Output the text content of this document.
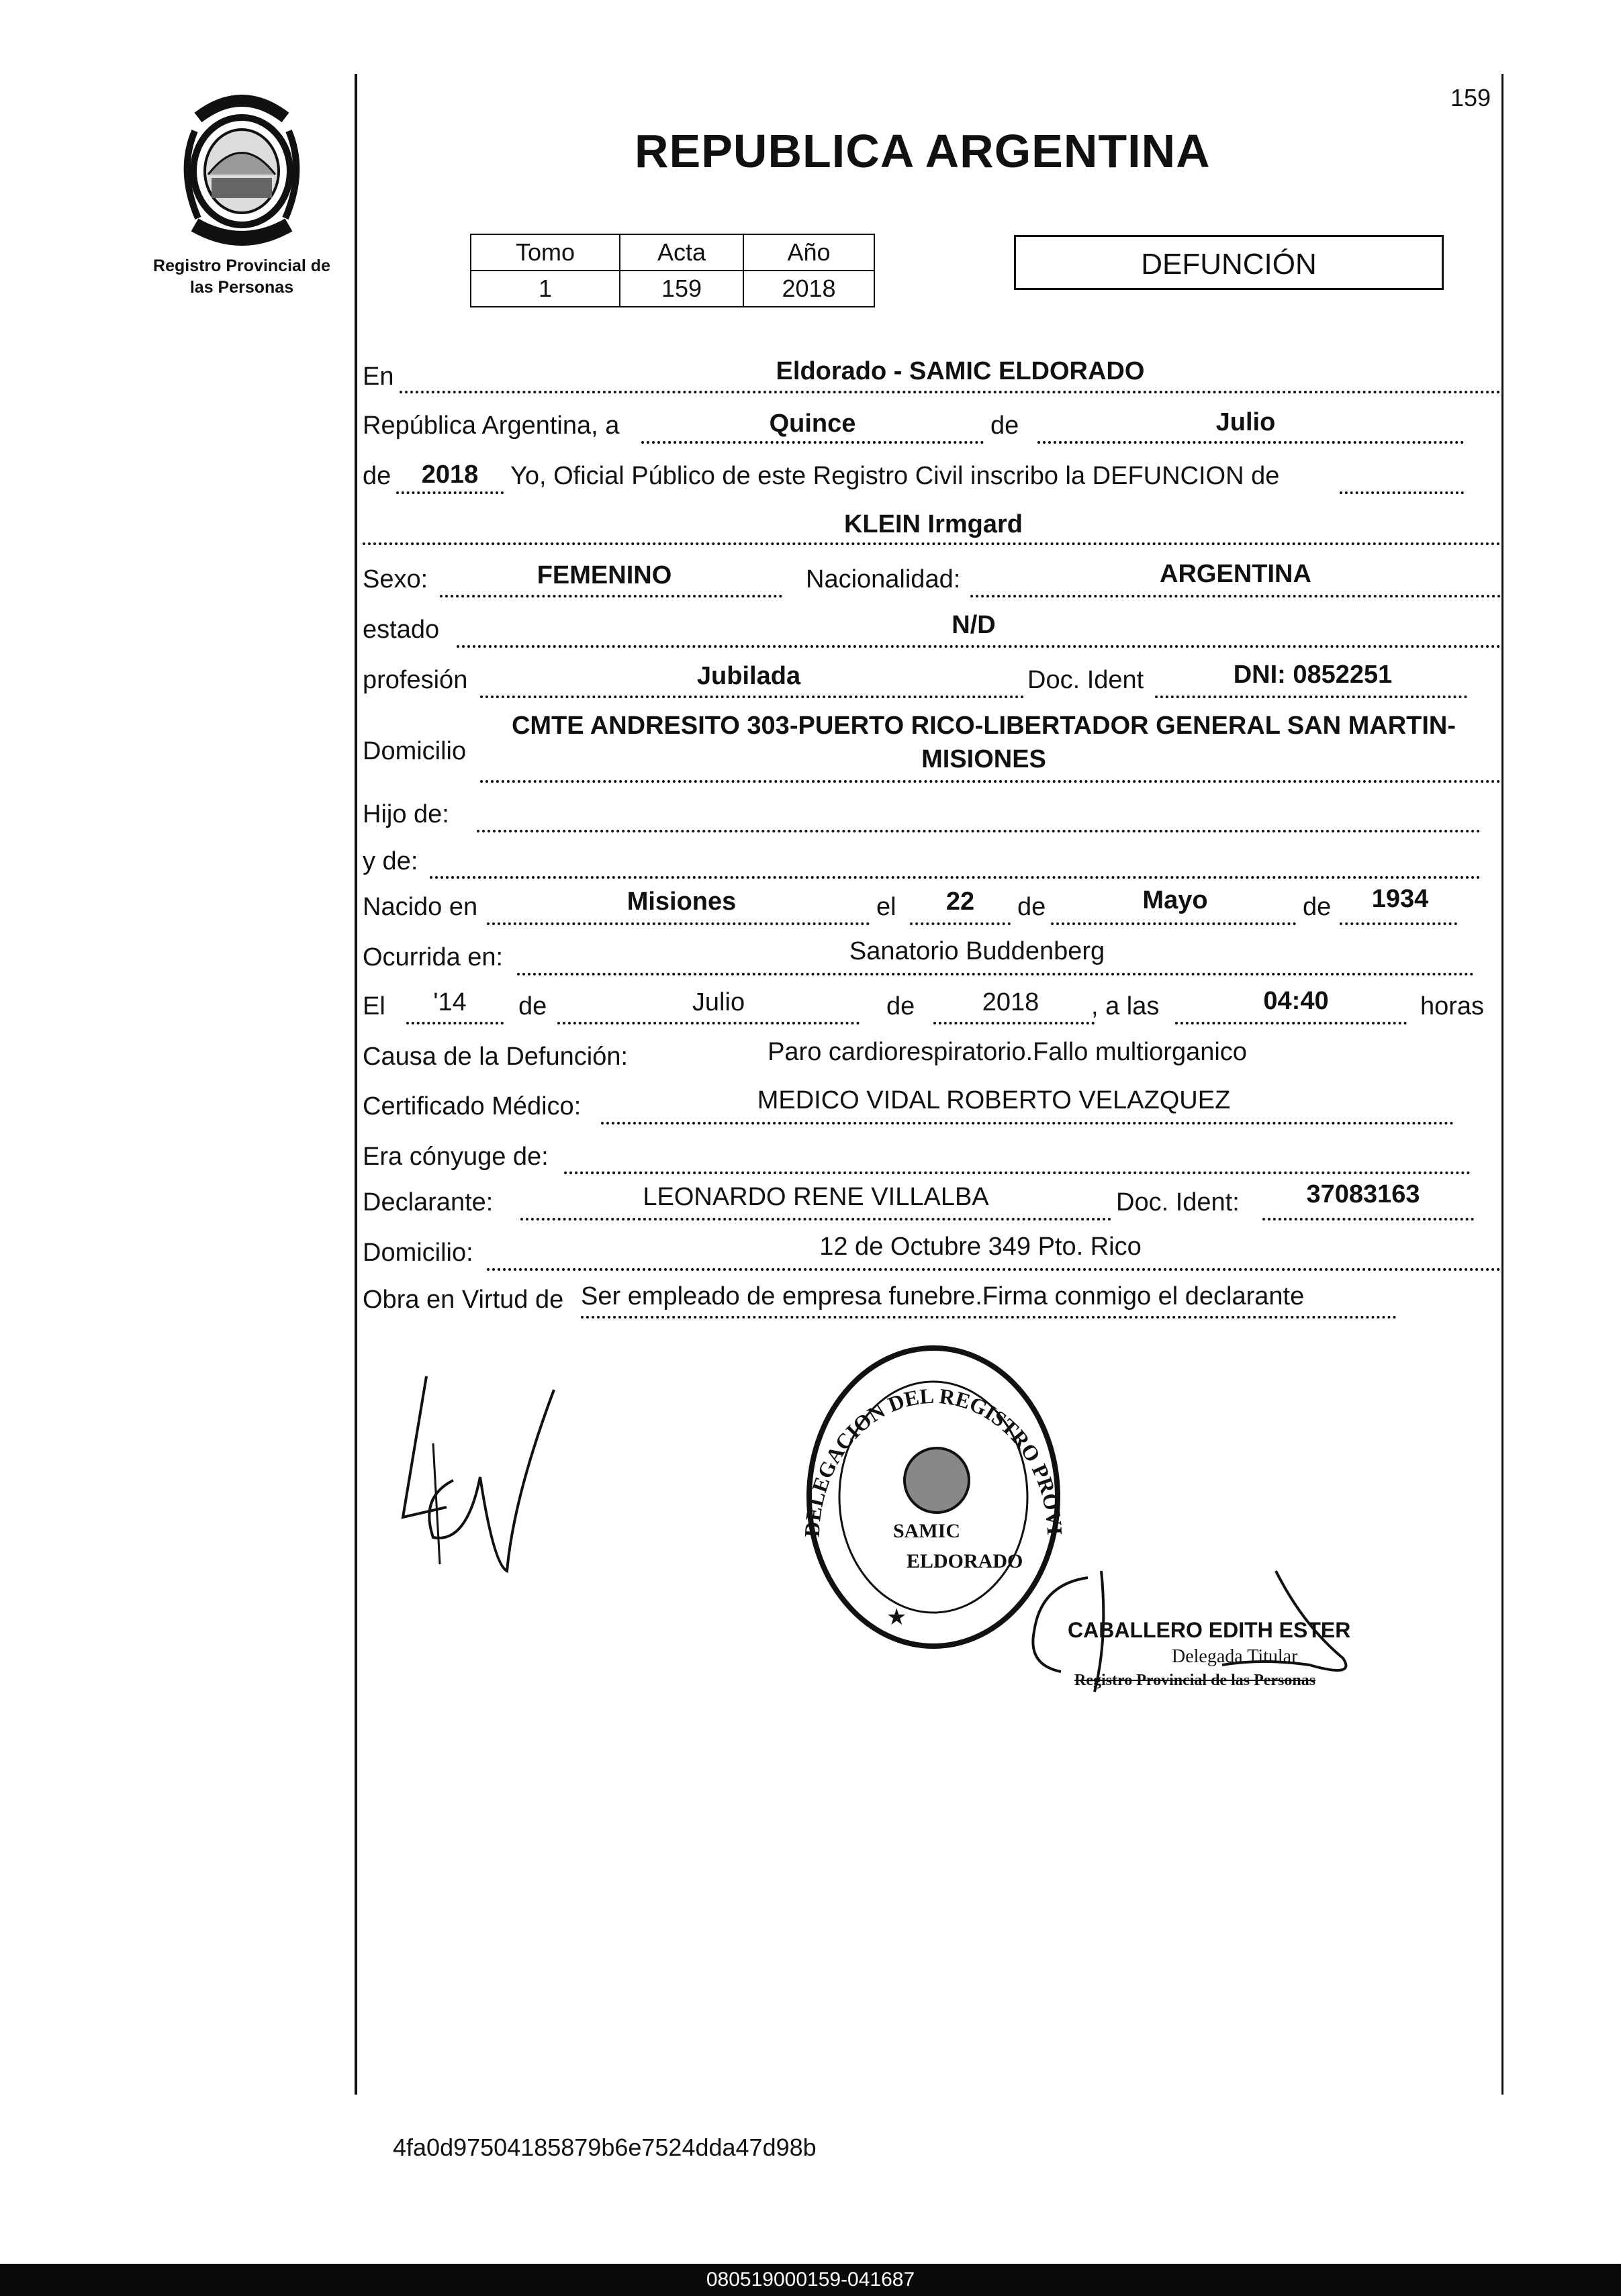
Registro Provincial de
las Personas
159
REPUBLICA ARGENTINA
Tomo	Acta	Año
1	159	2018
DEFUNCIÓN
En	Eldorado - SAMIC ELDORADO
República Argentina, a	Quince	de	Julio
de	2018	Yo, Oficial Público de este Registro Civil inscribo la DEFUNCION de
KLEIN Irmgard
Sexo:	FEMENINO	Nacionalidad:	ARGENTINA
estado	N/D
profesión	Jubilada	Doc. Ident	DNI: 0852251
Domicilio
CMTE ANDRESITO 303-PUERTO RICO-LIBERTADOR GENERAL SAN MARTIN-
MISIONES
Hijo de:
y de:
Nacido en	Misiones	el	22	de	Mayo	de	1934
Ocurrida en:	Sanatorio Buddenberg
El	'14	de	Julio	de	2018	, a las	04:40	horas
Causa de la Defunción:	Paro cardiorespiratorio.Fallo multiorganico
Certificado Médico:	MEDICO VIDAL ROBERTO VELAZQUEZ
Era cónyuge de:
Declarante:	LEONARDO RENE VILLALBA	Doc. Ident:	37083163
Domicilio:	12 de Octubre 349 Pto. Rico
Obra en Virtud de Ser empleado de empresa funebre.Firma conmigo el declarante
DELEGACION DEL REGISTRO PROVI
SAMIC
ELDORADO
★	CABALLERO EDITH ESTER
Delegada Titular
Registro Provincial de las Personas
4fa0d97504185879b6e7524dda47d98b
080519000159-041687
